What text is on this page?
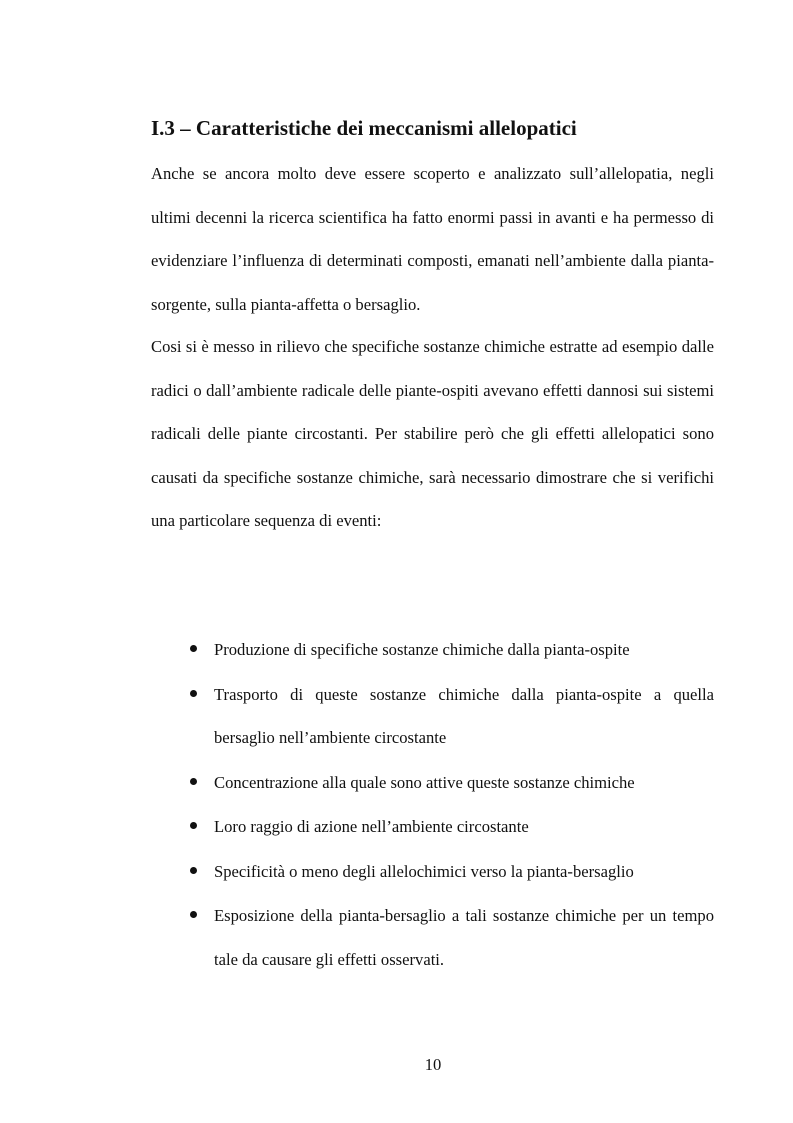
I.3 – Caratteristiche dei meccanismi allelopatici

Anche se ancora molto deve essere scoperto e analizzato sull’allelopatia, negli ultimi decenni la ricerca scientifica ha fatto enormi passi in avanti e ha permesso di evidenziare l’influenza di determinati composti, emanati nell’ambiente dalla pianta-sorgente, sulla pianta-affetta o bersaglio.

Cosi si è messo in rilievo che specifiche sostanze chimiche estratte ad esempio dalle radici o dall’ambiente radicale delle piante-ospiti avevano effetti dannosi sui sistemi radicali delle piante circostanti. Per stabilire però che gli effetti allelopatici sono causati da specifiche sostanze chimiche, sarà necessario dimostrare che si verifichi una particolare sequenza di eventi:

Produzione di specifiche sostanze chimiche dalla pianta-ospite
Trasporto di queste sostanze chimiche dalla pianta-ospite a quella bersaglio nell’ambiente circostante
Concentrazione alla quale sono attive queste sostanze chimiche
Loro raggio di azione nell’ambiente circostante
Specificità o meno degli allelochimici verso la pianta-bersaglio
Esposizione della pianta-bersaglio a tali sostanze chimiche per un tempo tale da causare gli effetti osservati.
10
